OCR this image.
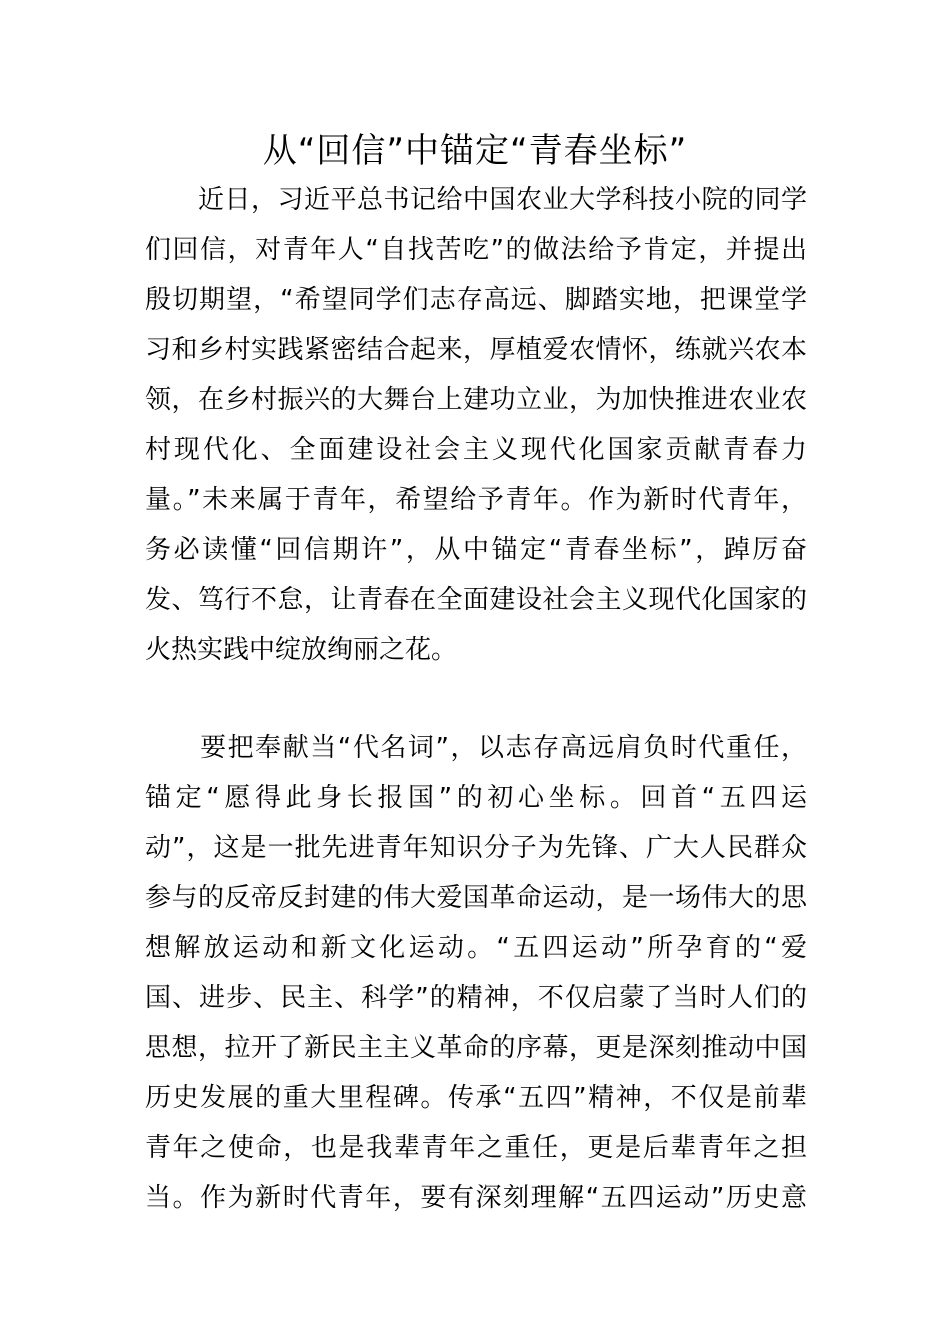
从“回信”中锚定“青春坐标”
　　近日，习近平总书记给中国农业大学科技小院的同学
们回信，对青年人“自找苦吃”的做法给予肯定，并提出
殷切期望，“希望同学们志存高远、脚踏实地，把课堂学
习和乡村实践紧密结合起来，厚植爱农情怀，练就兴农本
领，在乡村振兴的大舞台上建功立业，为加快推进农业农
村现代化、全面建设社会主义现代化国家贡献青春力
量。”未来属于青年，希望给予青年。作为新时代青年，
务必读懂“回信期许”，从中锚定“青春坐标”，踔厉奋
发、笃行不怠，让青春在全面建设社会主义现代化国家的
火热实践中绽放绚丽之花。
　　要把奉献当“代名词”，以志存高远肩负时代重任，
锚定“愿得此身长报国”的初心坐标。回首“五四运
动”，这是一批先进青年知识分子为先锋、广大人民群众
参与的反帝反封建的伟大爱国革命运动，是一场伟大的思
想解放运动和新文化运动。“五四运动”所孕育的“爱
国、进步、民主、科学”的精神，不仅启蒙了当时人们的
思想，拉开了新民主主义革命的序幕，更是深刻推动中国
历史发展的重大里程碑。传承“五四”精神，不仅是前辈
青年之使命，也是我辈青年之重任，更是后辈青年之担
当。作为新时代青年，要有深刻理解“五四运动”历史意
